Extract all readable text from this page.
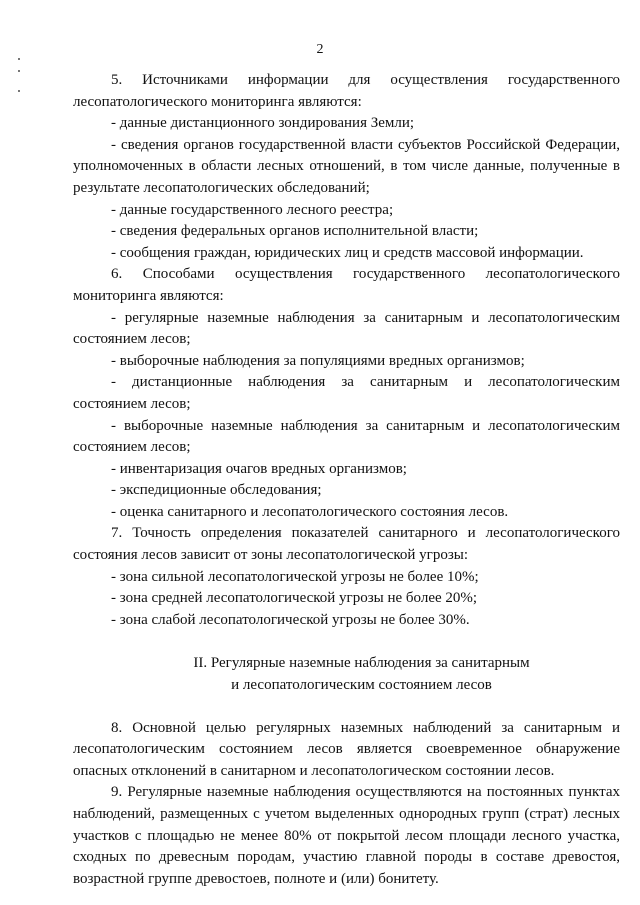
2

5. Источниками информации для осуществления государственного лесопатологического мониторинга являются:

- данные дистанционного зондирования Земли;

- сведения органов государственной власти субъектов Российской Федерации, уполномоченных в области лесных отношений, в том числе данные, полученные в результате лесопатологических обследований;

- данные государственного лесного реестра;

- сведения федеральных органов исполнительной власти;

- сообщения граждан, юридических лиц и средств массовой информации.

6. Способами осуществления государственного лесопатологического мониторинга являются:

- регулярные наземные наблюдения за санитарным и лесопатологическим состоянием лесов;

- выборочные наблюдения за популяциями вредных организмов;

- дистанционные наблюдения за санитарным и лесопатологическим состоянием лесов;

- выборочные наземные наблюдения за санитарным и лесопатологическим состоянием лесов;

- инвентаризация очагов вредных организмов;

- экспедиционные обследования;

- оценка санитарного и лесопатологического состояния лесов.

7. Точность определения показателей санитарного и лесопатологического состояния лесов зависит от зоны лесопатологической угрозы:

- зона сильной лесопатологической угрозы не более 10%;

- зона средней лесопатологической угрозы не более 20%;

- зона слабой лесопатологической угрозы не более 30%.

II. Регулярные наземные наблюдения за санитарным
и лесопатологическим состоянием лесов

8. Основной целью регулярных наземных наблюдений за санитарным и лесопатологическим состоянием лесов является своевременное обнаружение опасных отклонений в санитарном и лесопатологическом состоянии лесов.

9. Регулярные наземные наблюдения осуществляются на постоянных пунктах наблюдений, размещенных с учетом выделенных однородных групп (страт) лесных участков с площадью не менее 80% от покрытой лесом площади лесного участка, сходных по древесным породам, участию главной породы в составе древостоя, возрастной группе древостоев, полноте и (или) бонитету.
